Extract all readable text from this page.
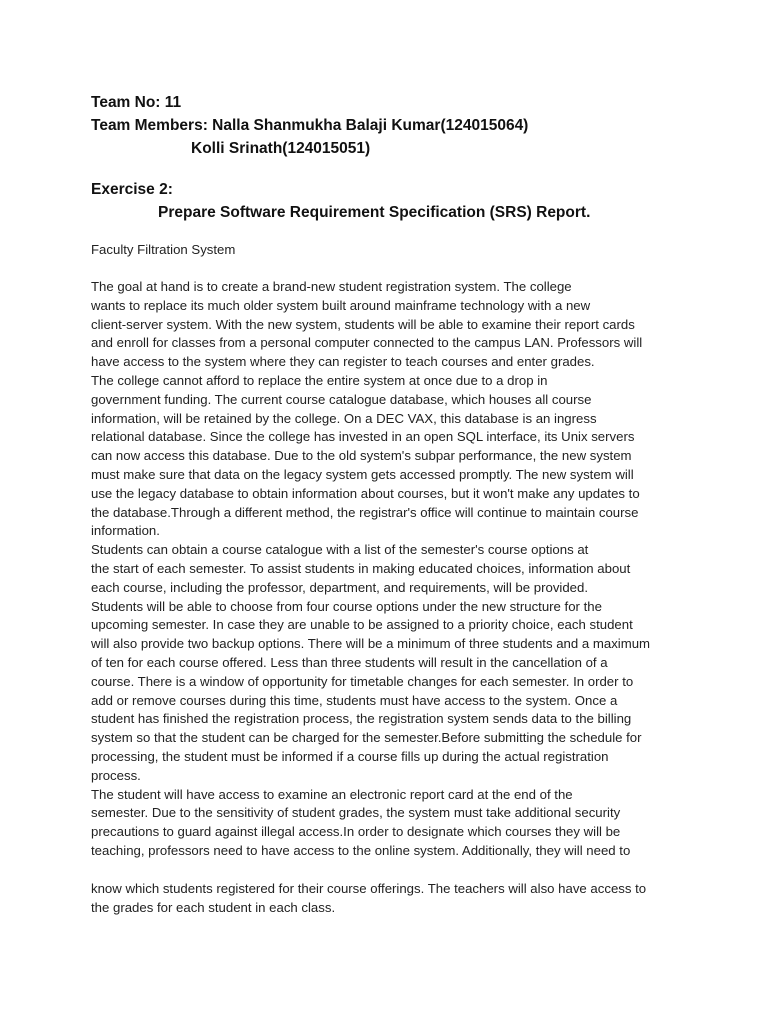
Team No: 11
Team Members: Nalla Shanmukha Balaji Kumar(124015064)
Kolli Srinath(124015051)
Exercise 2:
Prepare Software Requirement Specification (SRS) Report.
Faculty Filtration System
The goal at hand is to create a brand-new student registration system. The college
wants to replace its much older system built around mainframe technology with a new
client-server system. With the new system, students will be able to examine their report cards
and enroll for classes from a personal computer connected to the campus LAN. Professors will
have access to the system where they can register to teach courses and enter grades.
The college cannot afford to replace the entire system at once due to a drop in
government funding. The current course catalogue database, which houses all course
information, will be retained by the college. On a DEC VAX, this database is an ingress
relational database. Since the college has invested in an open SQL interface, its Unix servers
can now access this database. Due to the old system's subpar performance, the new system
must make sure that data on the legacy system gets accessed promptly. The new system will
use the legacy database to obtain information about courses, but it won't make any updates to
the database.Through a different method, the registrar's office will continue to maintain course
information.
Students can obtain a course catalogue with a list of the semester's course options at
the start of each semester. To assist students in making educated choices, information about
each course, including the professor, department, and requirements, will be provided.
Students will be able to choose from four course options under the new structure for the
upcoming semester. In case they are unable to be assigned to a priority choice, each student
will also provide two backup options. There will be a minimum of three students and a maximum
of ten for each course offered. Less than three students will result in the cancellation of a
course. There is a window of opportunity for timetable changes for each semester. In order to
add or remove courses during this time, students must have access to the system. Once a
student has finished the registration process, the registration system sends data to the billing
system so that the student can be charged for the semester.Before submitting the schedule for
processing, the student must be informed if a course fills up during the actual registration
process.
The student will have access to examine an electronic report card at the end of the
semester. Due to the sensitivity of student grades, the system must take additional security
precautions to guard against illegal access.In order to designate which courses they will be
teaching, professors need to have access to the online system. Additionally, they will need to
know which students registered for their course offerings. The teachers will also have access to
the grades for each student in each class.
